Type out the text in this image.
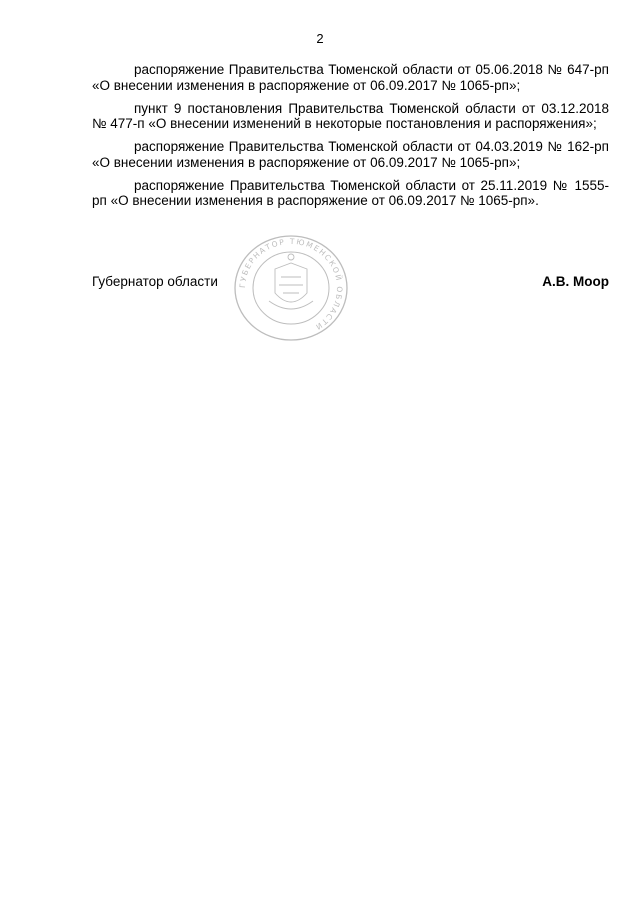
2

распоряжение Правительства Тюменской области от 05.06.2018 № 647-рп «О внесении изменения в распоряжение от 06.09.2017 № 1065-рп»;

пункт 9 постановления Правительства Тюменской области от 03.12.2018 № 477-п «О внесении изменений в некоторые постановления и распоряжения»;

распоряжение Правительства Тюменской области от 04.03.2019 № 162-рп «О внесении изменения в распоряжение от 06.09.2017 № 1065-рп»;

распоряжение Правительства Тюменской области от 25.11.2019 № 1555-рп «О внесении изменения в распоряжение от 06.09.2017 № 1065-рп».

ГУБЕРНАТОР ТЮМЕНСКОЙ ОБЛАСТИ
Губернатор области	А.В. Моор
